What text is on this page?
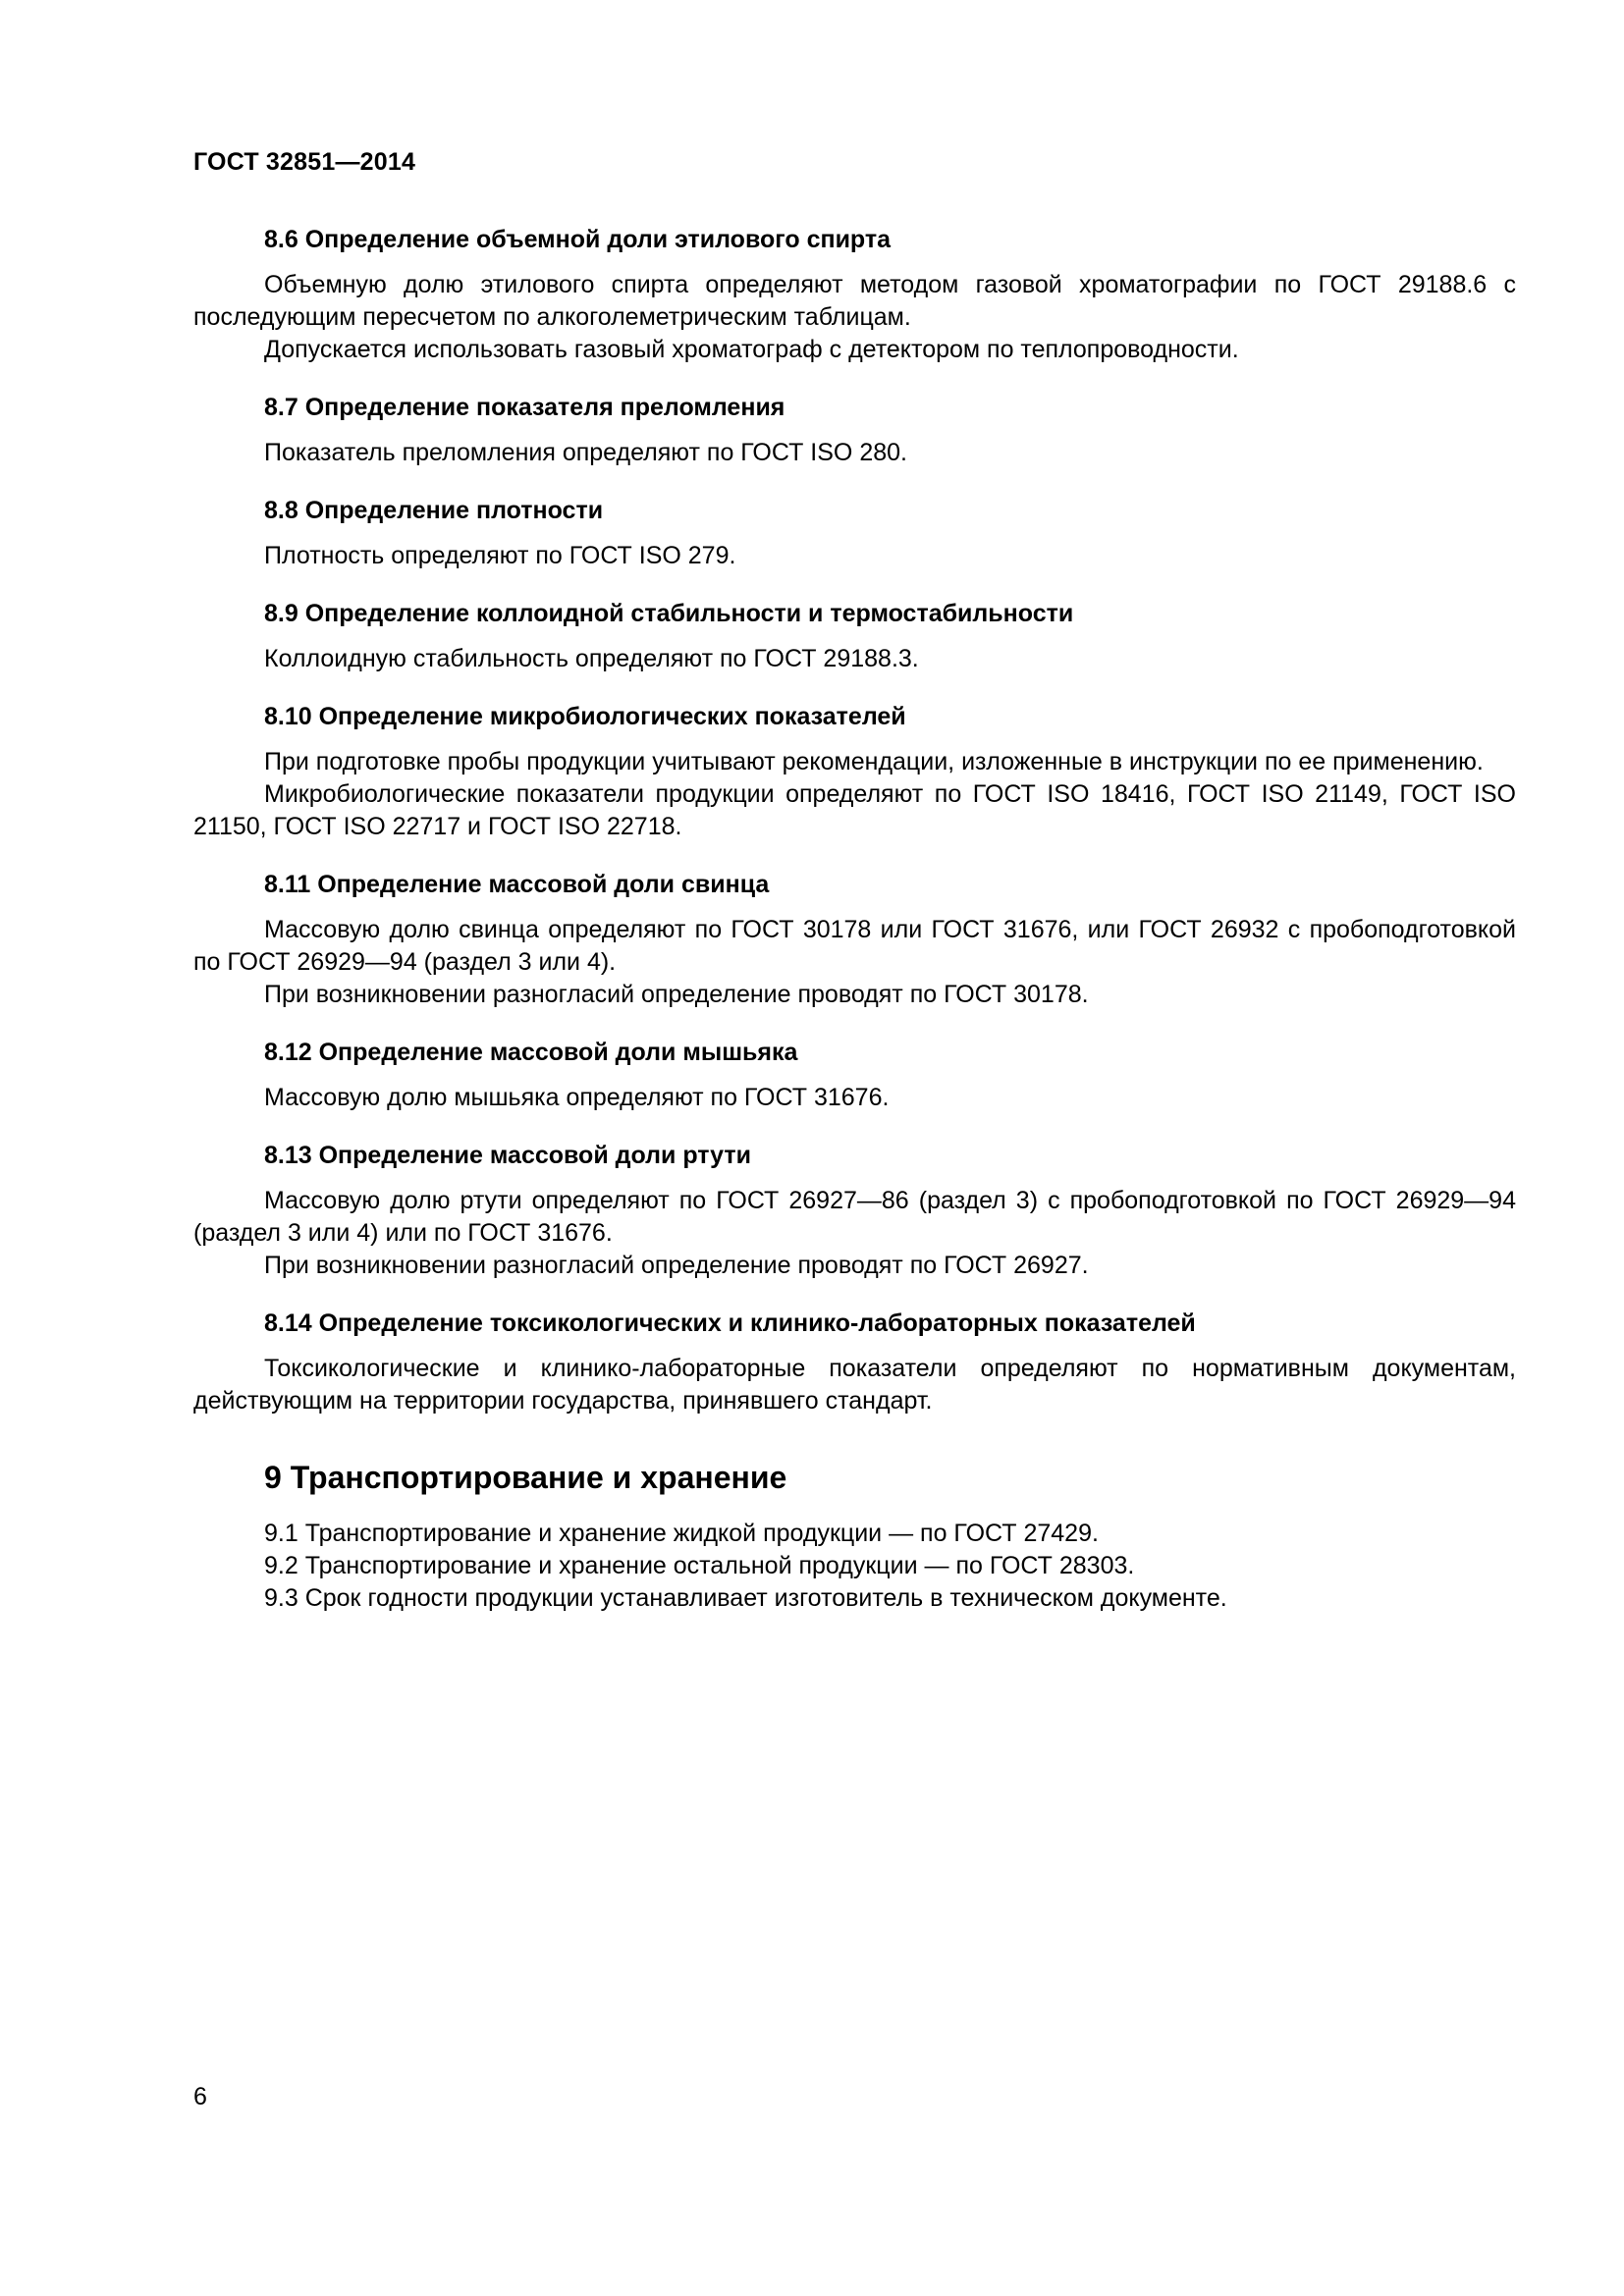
ГОСТ 32851—2014
8.6 Определение объемной доли этилового спирта

Объемную долю этилового спирта определяют методом газовой хроматографии по ГОСТ 29188.6 с последующим пересчетом по алкоголеметрическим таблицам.

Допускается использовать газовый хроматограф с детектором по теплопроводности.

8.7 Определение показателя преломления

Показатель преломления определяют по ГОСТ ISO 280.

8.8 Определение плотности

Плотность определяют по ГОСТ ISO 279.

8.9 Определение коллоидной стабильности и термостабильности

Коллоидную стабильность определяют по ГОСТ 29188.3.

8.10 Определение микробиологических показателей

При подготовке пробы продукции учитывают рекомендации, изложенные в инструкции по ее применению.

Микробиологические показатели продукции определяют по ГОСТ ISO 18416, ГОСТ ISO 21149, ГОСТ ISO 21150, ГОСТ ISO 22717 и ГОСТ ISO 22718.

8.11 Определение массовой доли свинца

Массовую долю свинца определяют по ГОСТ 30178 или ГОСТ 31676, или ГОСТ 26932 с пробоподготовкой по ГОСТ 26929—94 (раздел 3 или 4).

При возникновении разногласий определение проводят по ГОСТ 30178.

8.12 Определение массовой доли мышьяка

Массовую долю мышьяка определяют по ГОСТ 31676.

8.13 Определение массовой доли ртути

Массовую долю ртути определяют по ГОСТ 26927—86 (раздел 3) с пробоподготовкой по ГОСТ 26929—94 (раздел 3 или 4) или по ГОСТ 31676.

При возникновении разногласий определение проводят по ГОСТ 26927.

8.14 Определение токсикологических и клинико-лабораторных показателей

Токсикологические и клинико-лабораторные показатели определяют по нормативным документам, действующим на территории государства, принявшего стандарт.

9 Транспортирование и хранение

9.1 Транспортирование и хранение жидкой продукции — по ГОСТ 27429.

9.2 Транспортирование и хранение остальной продукции — по ГОСТ 28303.

9.3 Срок годности продукции устанавливает изготовитель в техническом документе.

6
